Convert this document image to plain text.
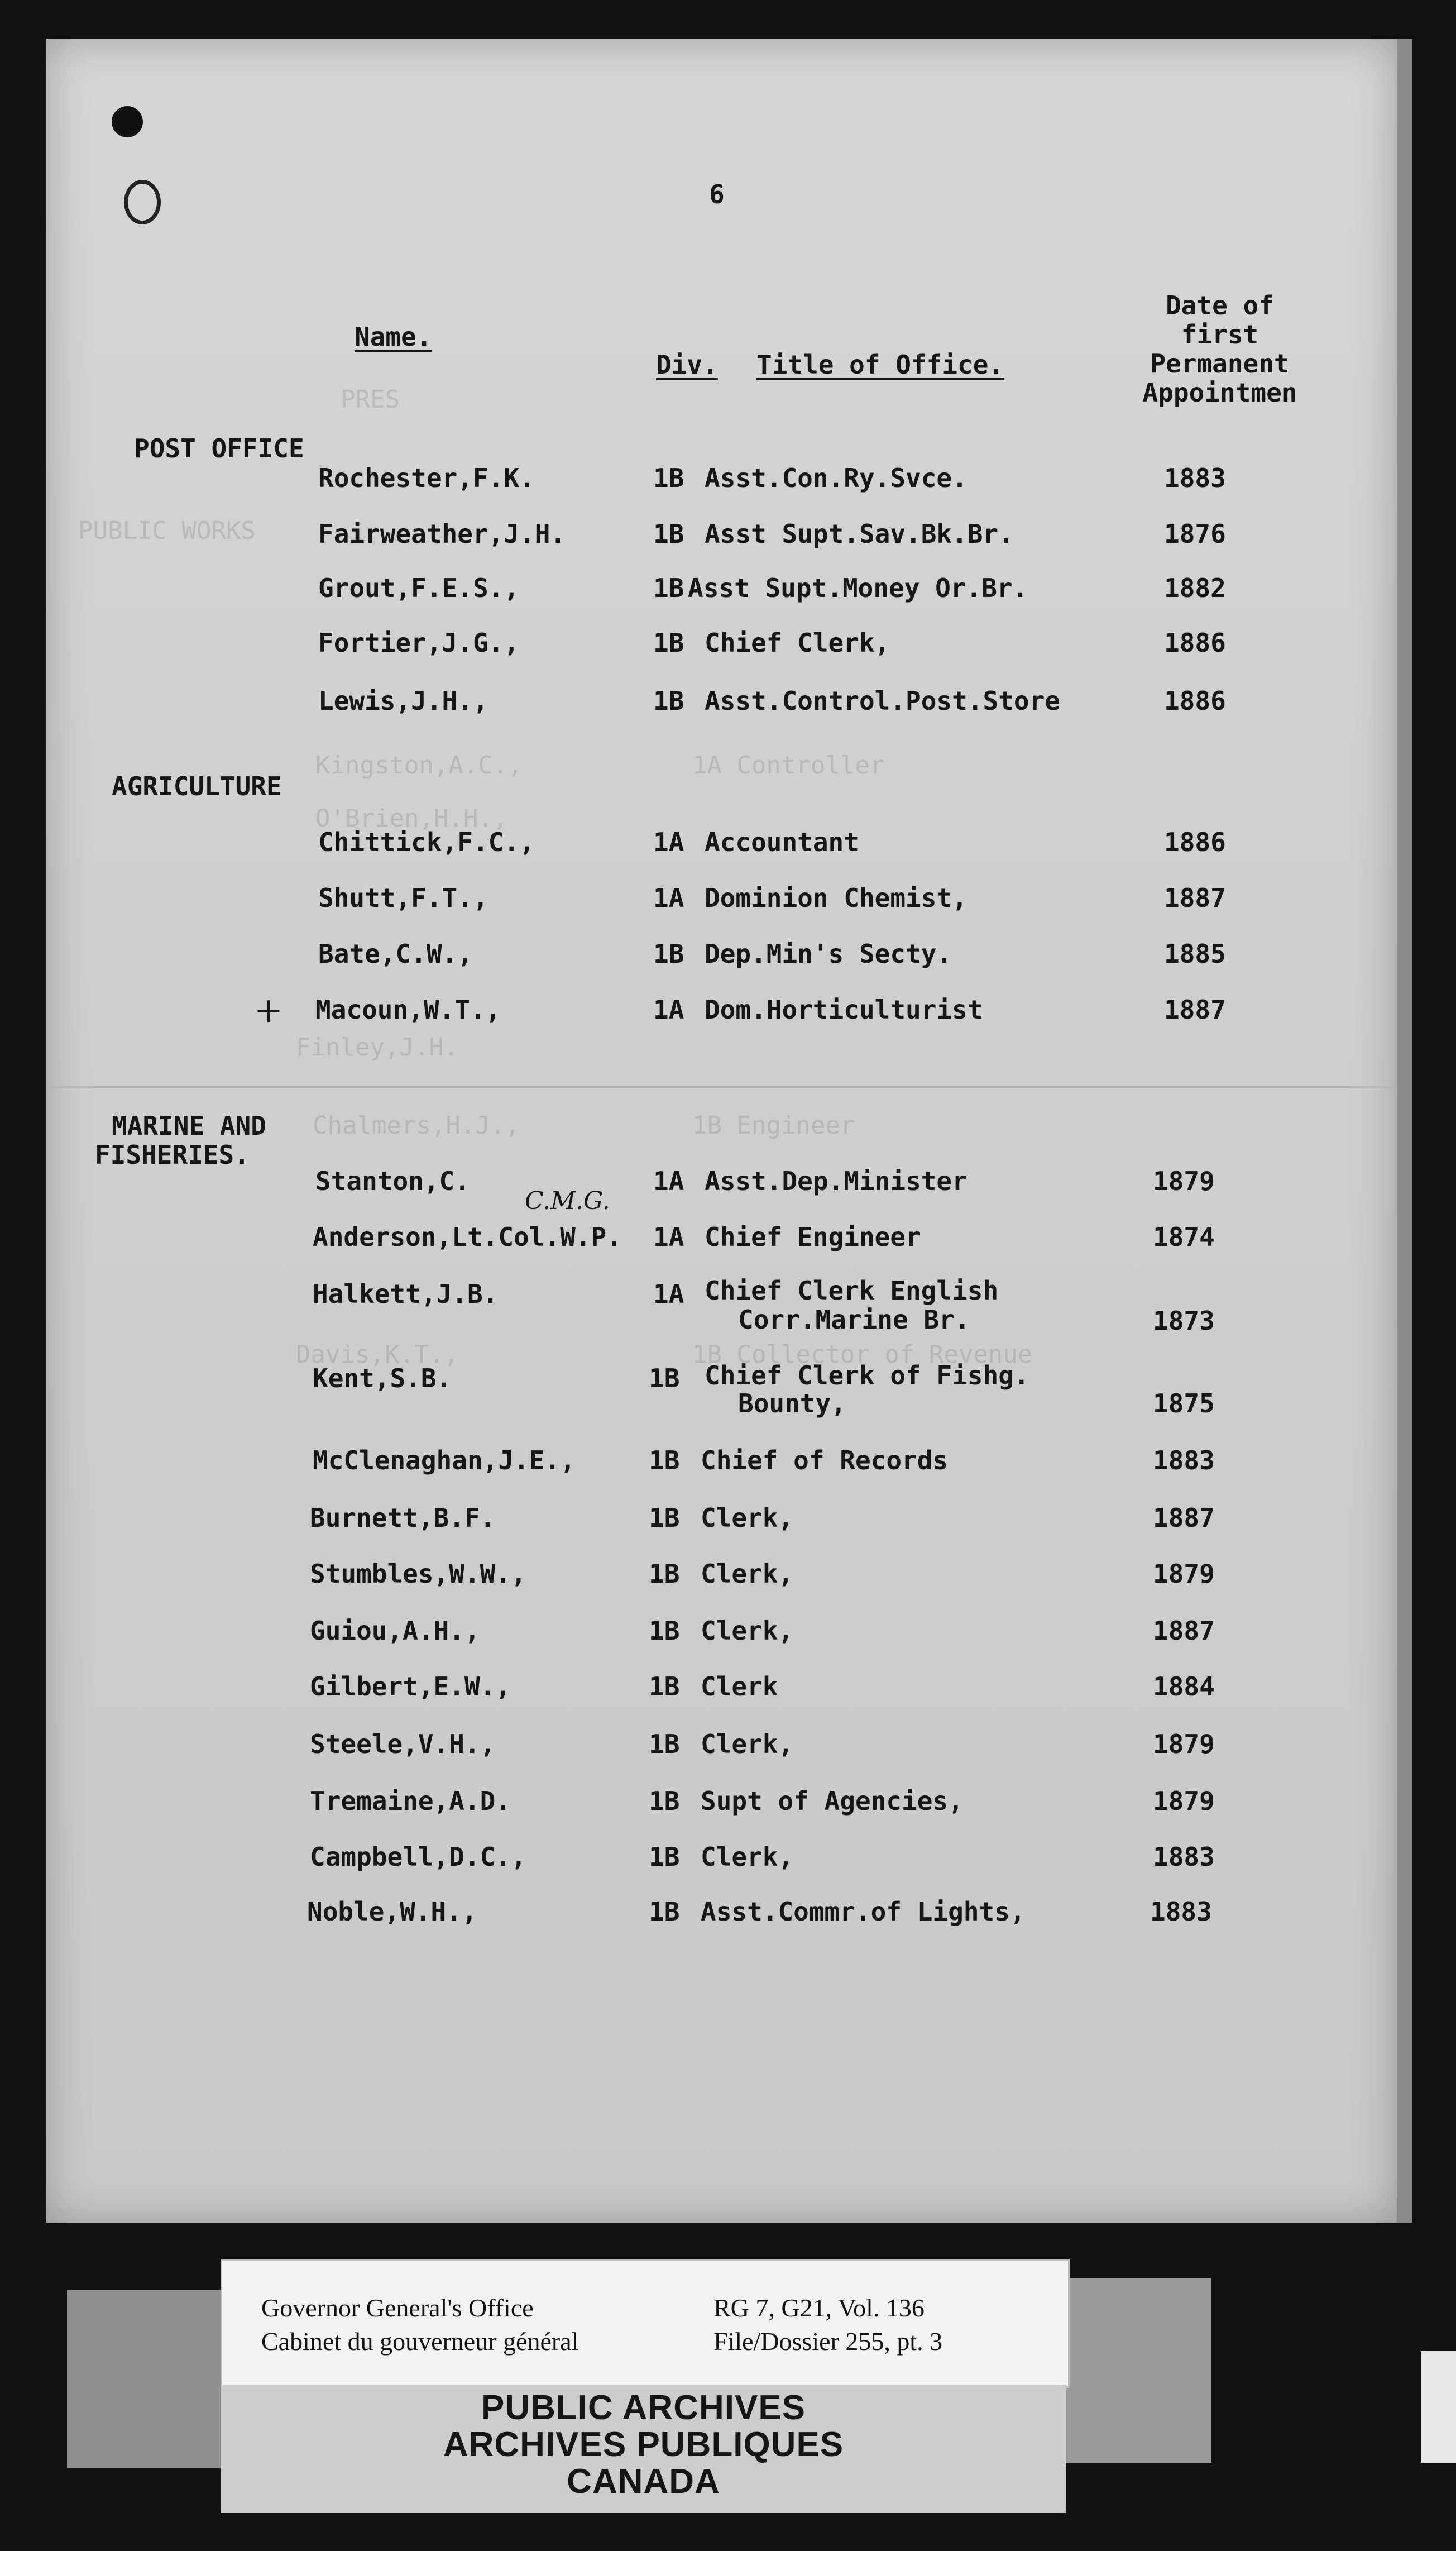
PRES
PUBLIC WORKS
Kingston,A.C.,	1A Controller
O'Brien,H.H.,
Finley,J.H.
Chalmers,H.J.,	1B Engineer
Davis,K.T.,	1B Collector of Revenue
6
Name.
Div. Title of Office.
Date of
first
Permanent
Appointmen
POST OFFICE
Rochester,F.K.	1B Asst.Con.Ry.Svce.	1883
Fairweather,J.H.	1B Asst Supt.Sav.Bk.Br.	1876
Grout,F.E.S.,	1B Asst Supt.Money Or.Br.	1882
Fortier,J.G.,	1B Chief Clerk,	1886
Lewis,J.H.,	1B Asst.Control.Post.Store	1886
AGRICULTURE
Chittick,F.C.,	1A Accountant	1886
Shutt,F.T.,	1A Dominion Chemist,	1887
Bate,C.W.,	1B Dep.Min's Secty.	1885
+ Macoun,W.T.,	1A Dom.Horticulturist	1887
MARINE AND
FISHERIES.
Stanton,C.	1A Asst.Dep.Minister	1879
C.M.G.
Anderson,Lt.Col.W.P. 1A Chief Engineer	1874
Halkett,J.B.	1A Chief Clerk English
Corr.Marine Br.	1873
Kent,S.B.	1B Chief Clerk of Fishg.
Bounty,	1875
McClenaghan,J.E.,	1B Chief of Records	1883
Burnett,B.F.	1B Clerk,	1887
Stumbles,W.W.,	1B Clerk,	1879
Guiou,A.H.,	1B Clerk,	1887
Gilbert,E.W.,	1B Clerk	1884
Steele,V.H.,	1B Clerk,	1879
Tremaine,A.D.	1B Supt of Agencies,	1879
Campbell,D.C.,	1B Clerk,	1883
Noble,W.H.,	1B Asst.Commr.of Lights,	1883
Governor General's Office
Cabinet du gouverneur général
RG 7, G21, Vol. 136
File/Dossier 255, pt. 3
PUBLIC ARCHIVES
ARCHIVES PUBLIQUES
CANADA
